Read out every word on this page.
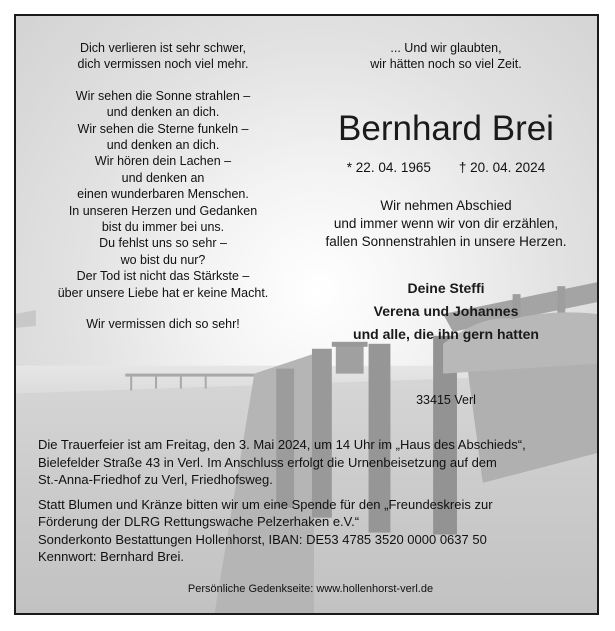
Dich verlieren ist sehr schwer,
dich vermissen noch viel mehr.

Wir sehen die Sonne strahlen –
und denken an dich.
Wir sehen die Sterne funkeln –
und denken an dich.
Wir hören dein Lachen –
und denken an
einen wunderbaren Menschen.
In unseren Herzen und Gedanken
bist du immer bei uns.
Du fehlst uns so sehr –
wo bist du nur?
Der Tod ist nicht das Stärkste –
über unsere Liebe hat er keine Macht.

Wir vermissen dich so sehr!

... Und wir glaubten,
wir hätten noch so viel Zeit.
Bernhard Brei
* 22. 04. 1965 † 20. 04. 2024
Wir nehmen Abschied
und immer wenn wir von dir erzählen,
fallen Sonnenstrahlen in unsere Herzen.
Deine Steffi
Verena und Johannes
und alle, die ihn gern hatten
33415 Verl

Die Trauerfeier ist am Freitag, den 3. Mai 2024, um 14 Uhr im „Haus des Abschieds“,
Bielefelder Straße 43 in Verl. Im Anschluss erfolgt die Urnenbeisetzung auf dem
St.-Anna-Friedhof zu Verl, Friedhofsweg.

Statt Blumen und Kränze bitten wir um eine Spende für den „Freundeskreis zur
Förderung der DLRG Rettungswache Pelzerhaken e.V.“
Sonderkonto Bestattungen Hollenhorst, IBAN: DE53 4785 3520 0000 0637 50
Kennwort: Bernhard Brei.

Persönliche Gedenkseite: www.hollenhorst-verl.de
